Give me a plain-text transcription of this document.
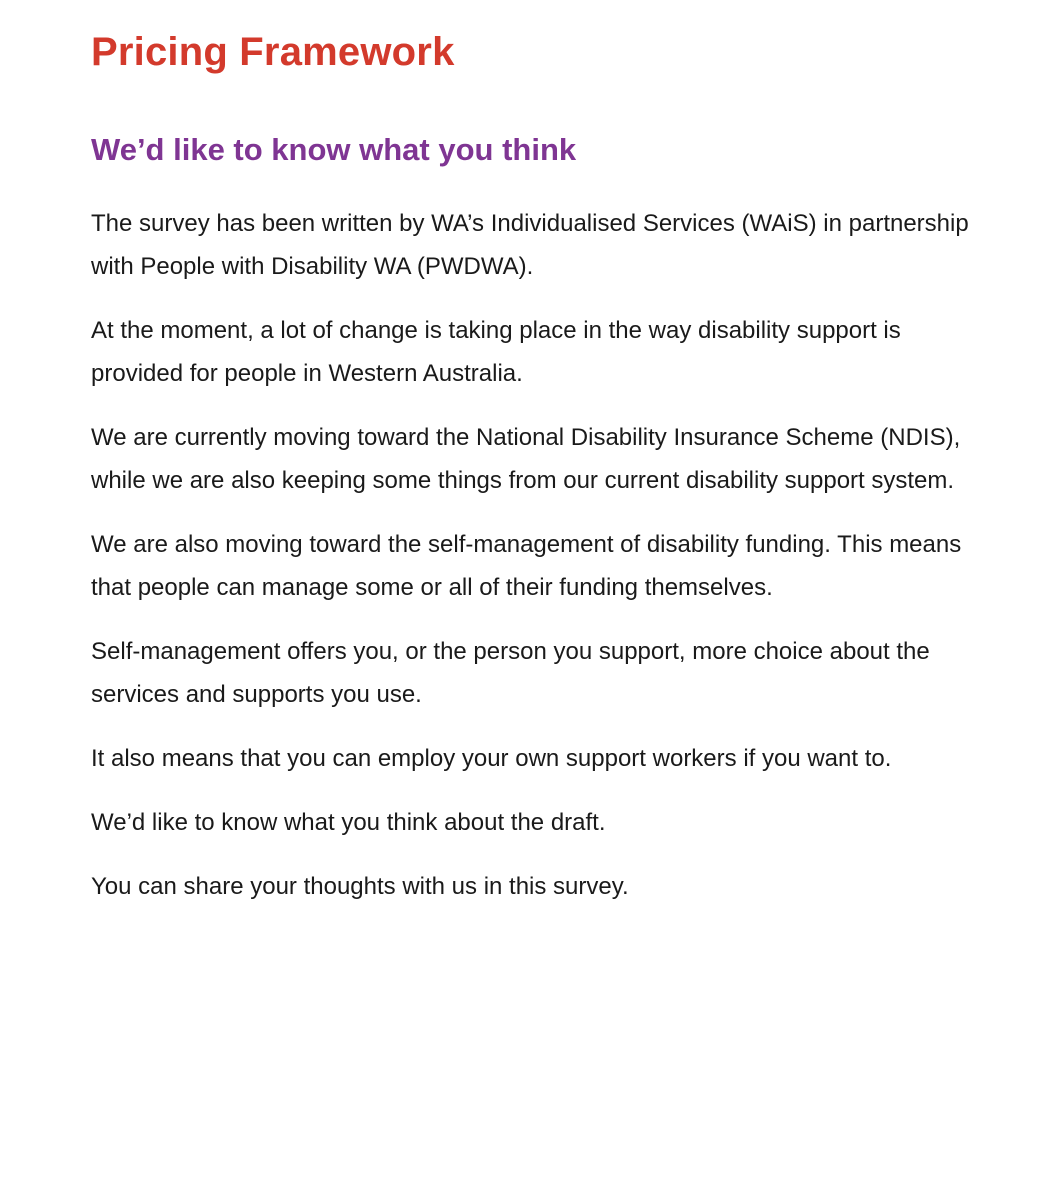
Pricing Framework
We’d like to know what you think

The survey has been written by WA’s Individualised Services (WAiS) in partnership with People with Disability WA (PWDWA).

At the moment, a lot of change is taking place in the way disability support is provided for people in Western Australia.

We are currently moving toward the National Disability Insurance Scheme (NDIS), while we are also keeping some things from our current disability support system.

We are also moving toward the self-management of disability funding. This means that people can manage some or all of their funding themselves.

Self-management offers you, or the person you support, more choice about the services and supports you use.

It also means that you can employ your own support workers if you want to.

We’d like to know what you think about the draft.

You can share your thoughts with us in this survey.
